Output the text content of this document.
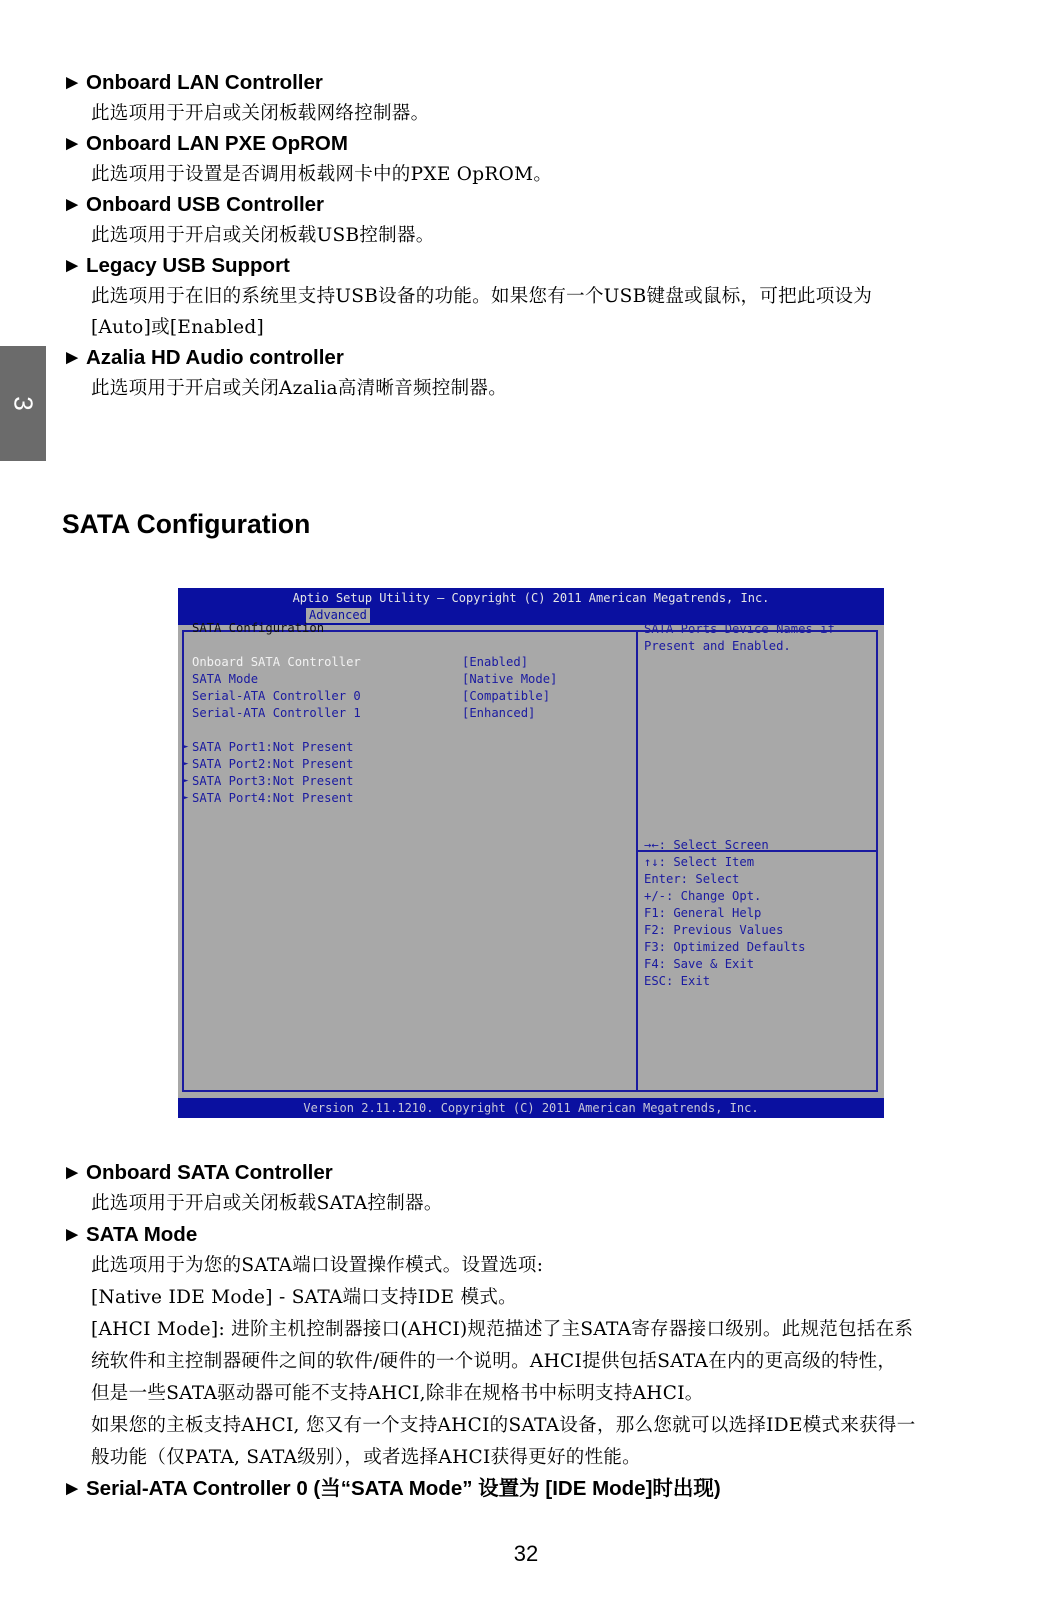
3
► Onboard LAN Controller
此选项用于开启或关闭板载网络控制器。
► Onboard LAN PXE OpROM
此选项用于设置是否调用板载网卡中的PXE OpROM。
► Onboard USB Controller
此选项用于开启或关闭板载USB控制器。
► Legacy USB Support
此选项用于在旧的系统里支持USB设备的功能。如果您有一个USB键盘或鼠标，可把此项设为
[Auto]或[Enabled]
► Azalia HD Audio controller
此选项用于开启或关闭Azalia高清晰音频控制器。
SATA Configuration
Aptio Setup Utility – Copyright (C) 2011 American Megatrends, Inc.
Advanced
SATA Configuration
Onboard SATA Controller	[Enabled]
SATA Mode	[Native Mode]
Serial-ATA Controller 0	[Compatible]
Serial-ATA Controller 1	[Enhanced]
► SATA Port1:Not Present
► SATA Port2:Not Present
► SATA Port3:Not Present
► SATA Port4:Not Present
SATA Ports Device Names if
Present and Enabled.
→←: Select Screen
↑↓: Select Item
Enter: Select
+/-: Change Opt.
F1: General Help
F2: Previous Values
F3: Optimized Defaults
F4: Save & Exit
ESC: Exit
Version 2.11.1210. Copyright (C) 2011 American Megatrends, Inc.
► Onboard SATA Controller
此选项用于开启或关闭板载SATA控制器。
► SATA Mode
此选项用于为您的SATA端口设置操作模式。设置选项:
[Native IDE Mode] - SATA端口支持IDE 模式。
[AHCI Mode]: 进阶主机控制器接口(AHCI)规范描述了主SATA寄存器接口级别。此规范包括在系
统软件和主控制器硬件之间的软件/硬件的一个说明。AHCI提供包括SATA在内的更高级的特性，
但是一些SATA驱动器可能不支持AHCI,除非在规格书中标明支持AHCI。
如果您的主板支持AHCI, 您又有一个支持AHCI的SATA设备，那么您就可以选择IDE模式来获得一
般功能（仅PATA, SATA级别），或者选择AHCI获得更好的性能。
► Serial-ATA Controller 0 (当“SATA Mode” 设置为 [IDE Mode]时出现)
32
